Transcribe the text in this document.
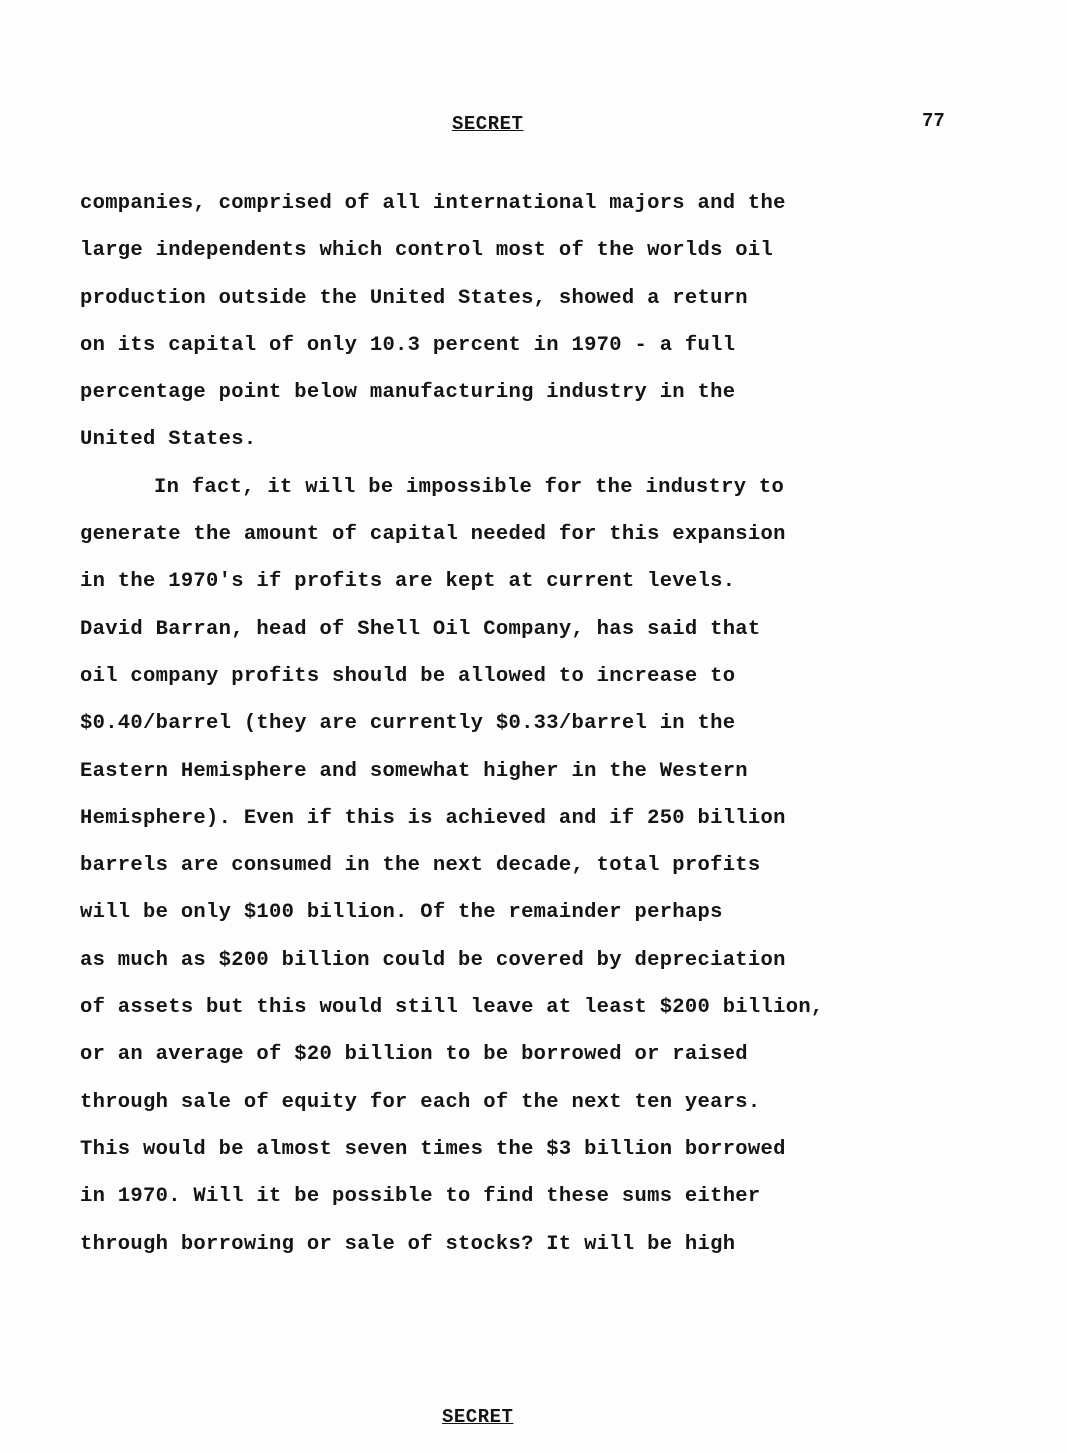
SECRET	77
companies, comprised of all international majors and the
large independents which control most of the worlds oil
production outside the United States, showed a return
on its capital of only 10.3 percent in 1970 - a full
percentage point below manufacturing industry in the
United States.
In fact, it will be impossible for the industry to
generate the amount of capital needed for this expansion
in the 1970's if profits are kept at current levels.
David Barran, head of Shell Oil Company, has said that
oil company profits should be allowed to increase to
$0.40/barrel (they are currently $0.33/barrel in the
Eastern Hemisphere and somewhat higher in the Western
Hemisphere). Even if this is achieved and if 250 billion
barrels are consumed in the next decade, total profits
will be only $100 billion. Of the remainder perhaps
as much as $200 billion could be covered by depreciation
of assets but this would still leave at least $200 billion,
or an average of $20 billion to be borrowed or raised
through sale of equity for each of the next ten years.
This would be almost seven times the $3 billion borrowed
in 1970. Will it be possible to find these sums either
through borrowing or sale of stocks? It will be high
SECRET
